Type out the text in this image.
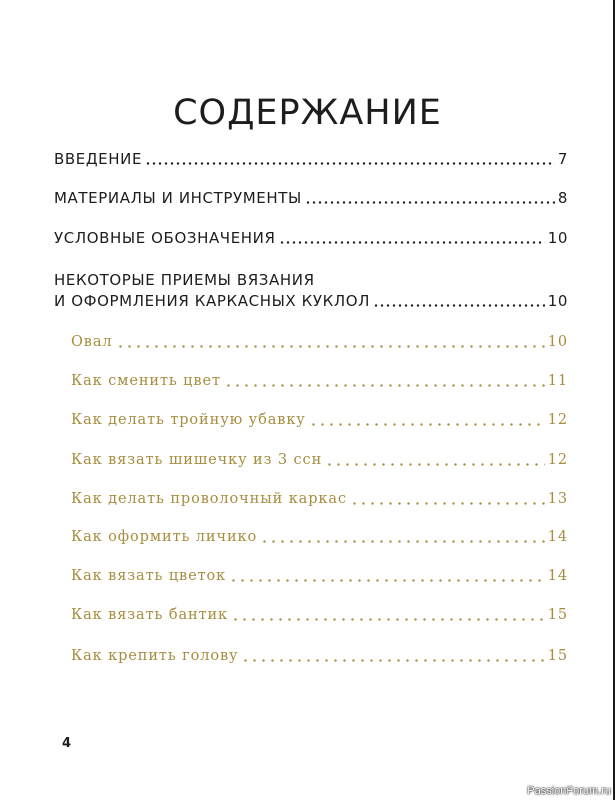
СОДЕРЖАНИЕ
ВВЕДЕНИЕ	7
МАТЕРИАЛЫ И ИНСТРУМЕНТЫ	8
УСЛОВНЫЕ ОБОЗНАЧЕНИЯ	10
НЕКОТОРЫЕ ПРИЕМЫ ВЯЗАНИЯ
И ОФОРМЛЕНИЯ КАРКАСНЫХ КУКЛОЛ	10
Овал	10
Как сменить цвет	11
Как делать тройную убавку	12
Как вязать шишечку из 3 ссн	12
Как делать проволочный каркас	13
Как оформить личико	14
Как вязать цветок	14
Как вязать бантик	15
Как крепить голову	15
4
PassionForum.ru
